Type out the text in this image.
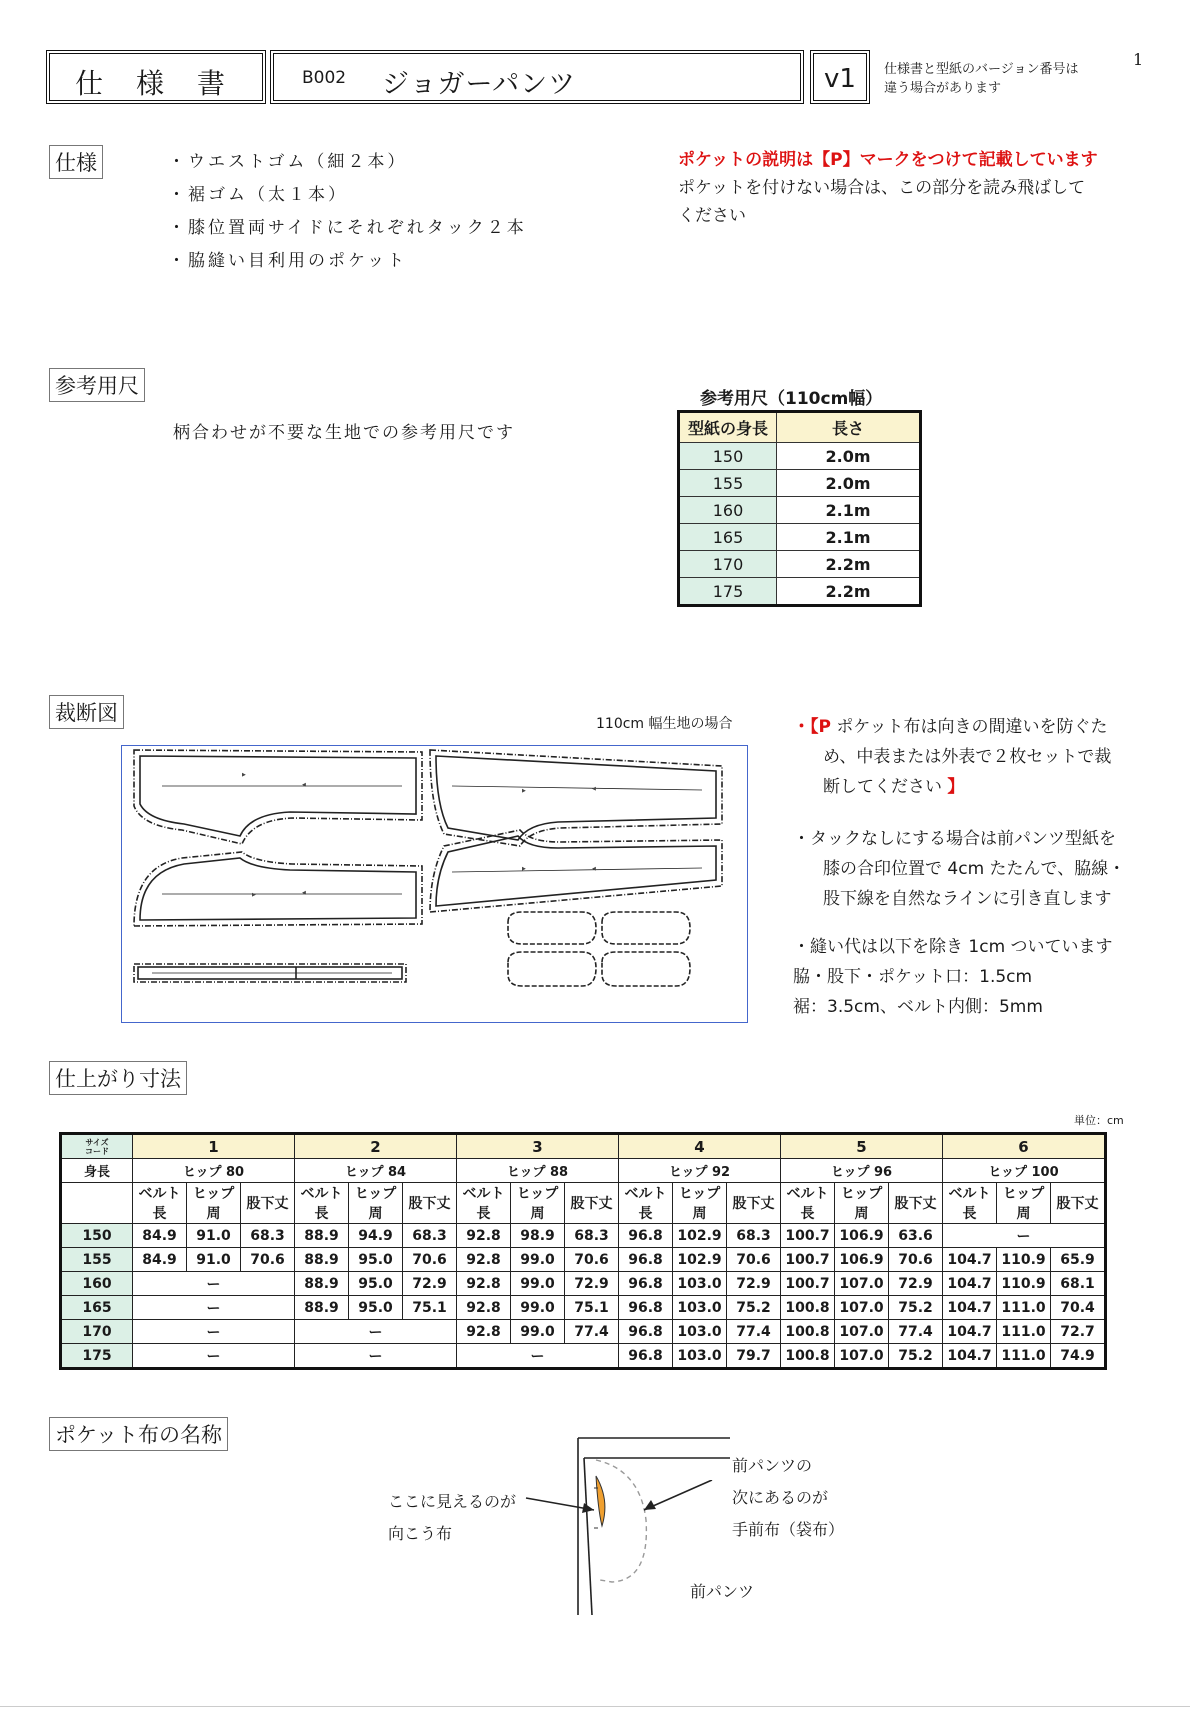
仕 様 書	B002 ジョガーパンツ	v1	仕様書と型紙のバージョン番号は
違う場合があります
1
仕様	・ウエストゴム（細２本）
・裾ゴム（太１本）
・膝位置両サイドにそれぞれタック２本
・脇縫い目利用のポケット
ポケットの説明は【P】マークをつけて記載しています
ポケットを付けない場合は、この部分を読み飛ばして
ください
参考用尺
柄合わせが不要な生地での参考用尺です
参考用尺（110cm幅）
型紙の身長	長さ
150	2.0m
155	2.0m
160	2.1m
165	2.1m
170	2.2m
175	2.2m
裁断図	110cm 幅生地の場合
▶
◀
▶	◀
▶	◀
▶	◀

・【P ポケット布は向きの間違いを防ぐた

め、中表または外表で２枚セットで裁

断してください 】

・タックなしにする場合は前パンツ型紙を

膝の合印位置で 4cm たたんで、脇線・

股下線を自然なラインに引き直します

・縫い代は以下を除き 1cm ついています

脇・股下・ポケット口：1.5cm

裾：3.5cm、ベルト内側：5mm

仕上がり寸法
単位：cm
サイズ
コード	1			2			3			4			5			6		
身長	ヒップ 80			ヒップ 84			ヒップ 88			ヒップ 92			ヒップ 96			ヒップ 100		
	ベルト長	ヒップ周	股下丈	ベルト長	ヒップ周	股下丈	ベルト長	ヒップ周	股下丈	ベルト長	ヒップ周	股下丈	ベルト長	ヒップ周	股下丈	ベルト長	ヒップ周	股下丈
150	84.9	91.0	68.3	88.9	94.9	68.3	92.8	98.9	68.3	96.8	102.9	68.3	100.7	106.9	63.6	ー		
155	84.9	91.0	70.6	88.9	95.0	70.6	92.8	99.0	70.6	96.8	102.9	70.6	100.7	106.9	70.6	104.7	110.9	65.9
160	ー			88.9	95.0	72.9	92.8	99.0	72.9	96.8	103.0	72.9	100.7	107.0	72.9	104.7	110.9	68.1
165	ー			88.9	95.0	75.1	92.8	99.0	75.1	96.8	103.0	75.2	100.8	107.0	75.2	104.7	111.0	70.4
170	ー			ー			92.8	99.0	77.4	96.8	103.0	77.4	100.8	107.0	77.4	104.7	111.0	72.7
175	ー			ー			ー			96.8	103.0	79.7	100.8	107.0	75.2	104.7	111.0	74.9
ポケット布の名称
ここに見えるのが
向こう布
前パンツの
次にあるのが
手前布（袋布）
前パンツ
